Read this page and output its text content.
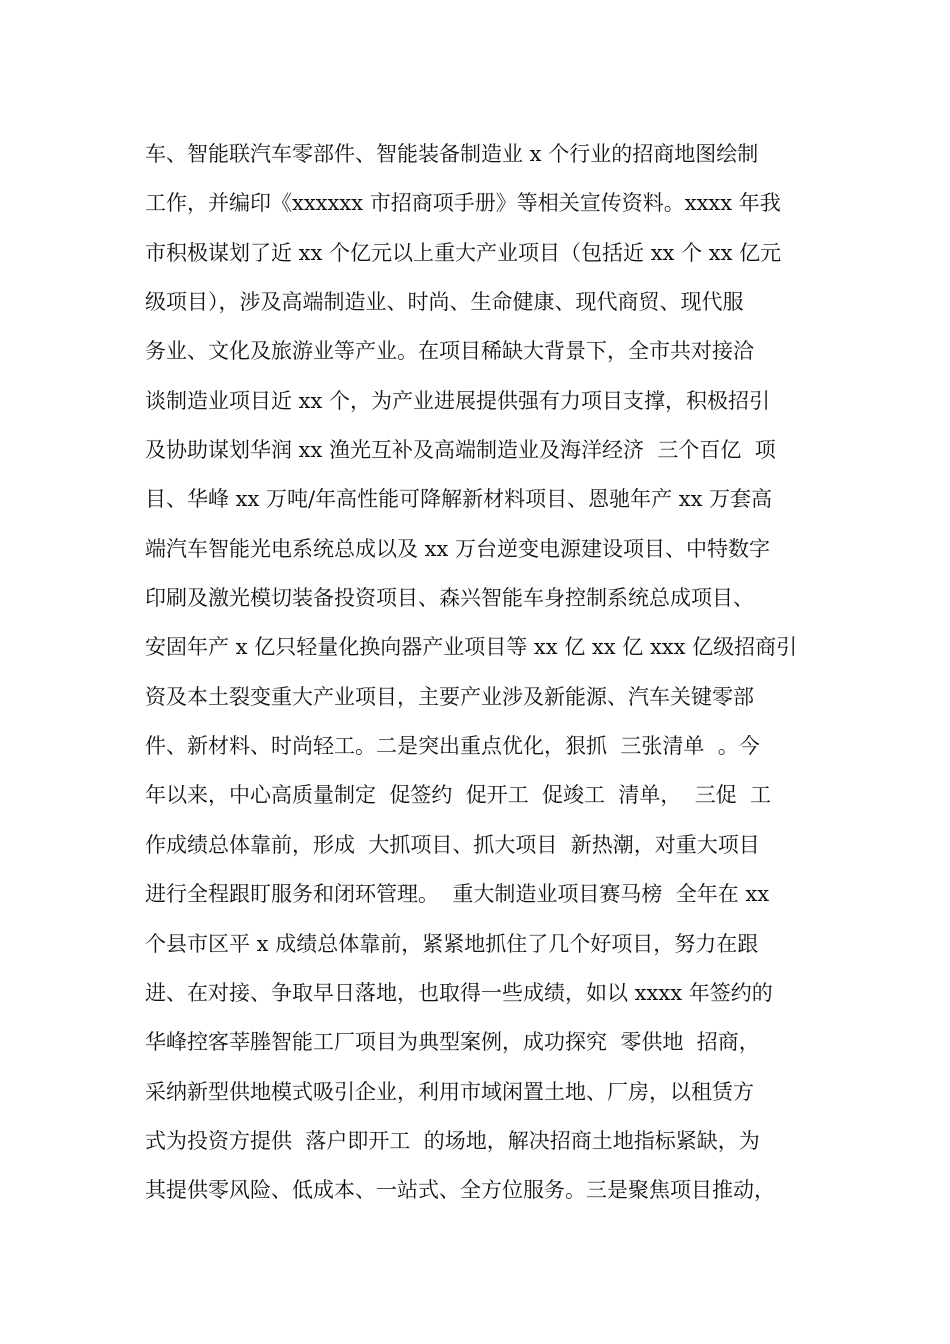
车、智能联汽车零部件、智能装备制造业 x 个行业的招商地图绘制
工作，并编印《xxxxxx 市招商项手册》等相关宣传资料。xxxx 年我
市积极谋划了近 xx 个亿元以上重大产业项目（包括近 xx 个 xx 亿元
级项目），涉及高端制造业、时尚、生命健康、现代商贸、现代服
务业、文化及旅游业等产业。在项目稀缺大背景下，全市共对接洽
谈制造业项目近 xx 个，为产业进展提供强有力项目支撑，积极招引
及协助谋划华润 xx 渔光互补及高端制造业及海洋经济  三个百亿  项
目、华峰 xx 万吨/年高性能可降解新材料项目、恩驰年产 xx 万套高
端汽车智能光电系统总成以及 xx 万台逆变电源建设项目、中特数字
印刷及激光模切装备投资项目、森兴智能车身控制系统总成项目、
安固年产 x 亿只轻量化换向器产业项目等 xx 亿 xx 亿 xxx 亿级招商引
资及本土裂变重大产业项目，主要产业涉及新能源、汽车关键零部
件、新材料、时尚轻工。二是突出重点优化，狠抓  三张清单  。今
年以来，中心高质量制定  促签约  促开工  促竣工  清单，  三促  工
作成绩总体靠前，形成  大抓项目、抓大项目  新热潮，对重大项目
进行全程跟盯服务和闭环管理。  重大制造业项目赛马榜  全年在 xx
个县市区平 x 成绩总体靠前，紧紧地抓住了几个好项目，努力在跟
进、在对接、争取早日落地，也取得一些成绩，如以 xxxx 年签约的
华峰控客莘塍智能工厂项目为典型案例，成功探究  零供地  招商，
采纳新型供地模式吸引企业，利用市域闲置土地、厂房，以租赁方
式为投资方提供  落户即开工  的场地，解决招商土地指标紧缺，为
其提供零风险、低成本、一站式、全方位服务。三是聚焦项目推动，
